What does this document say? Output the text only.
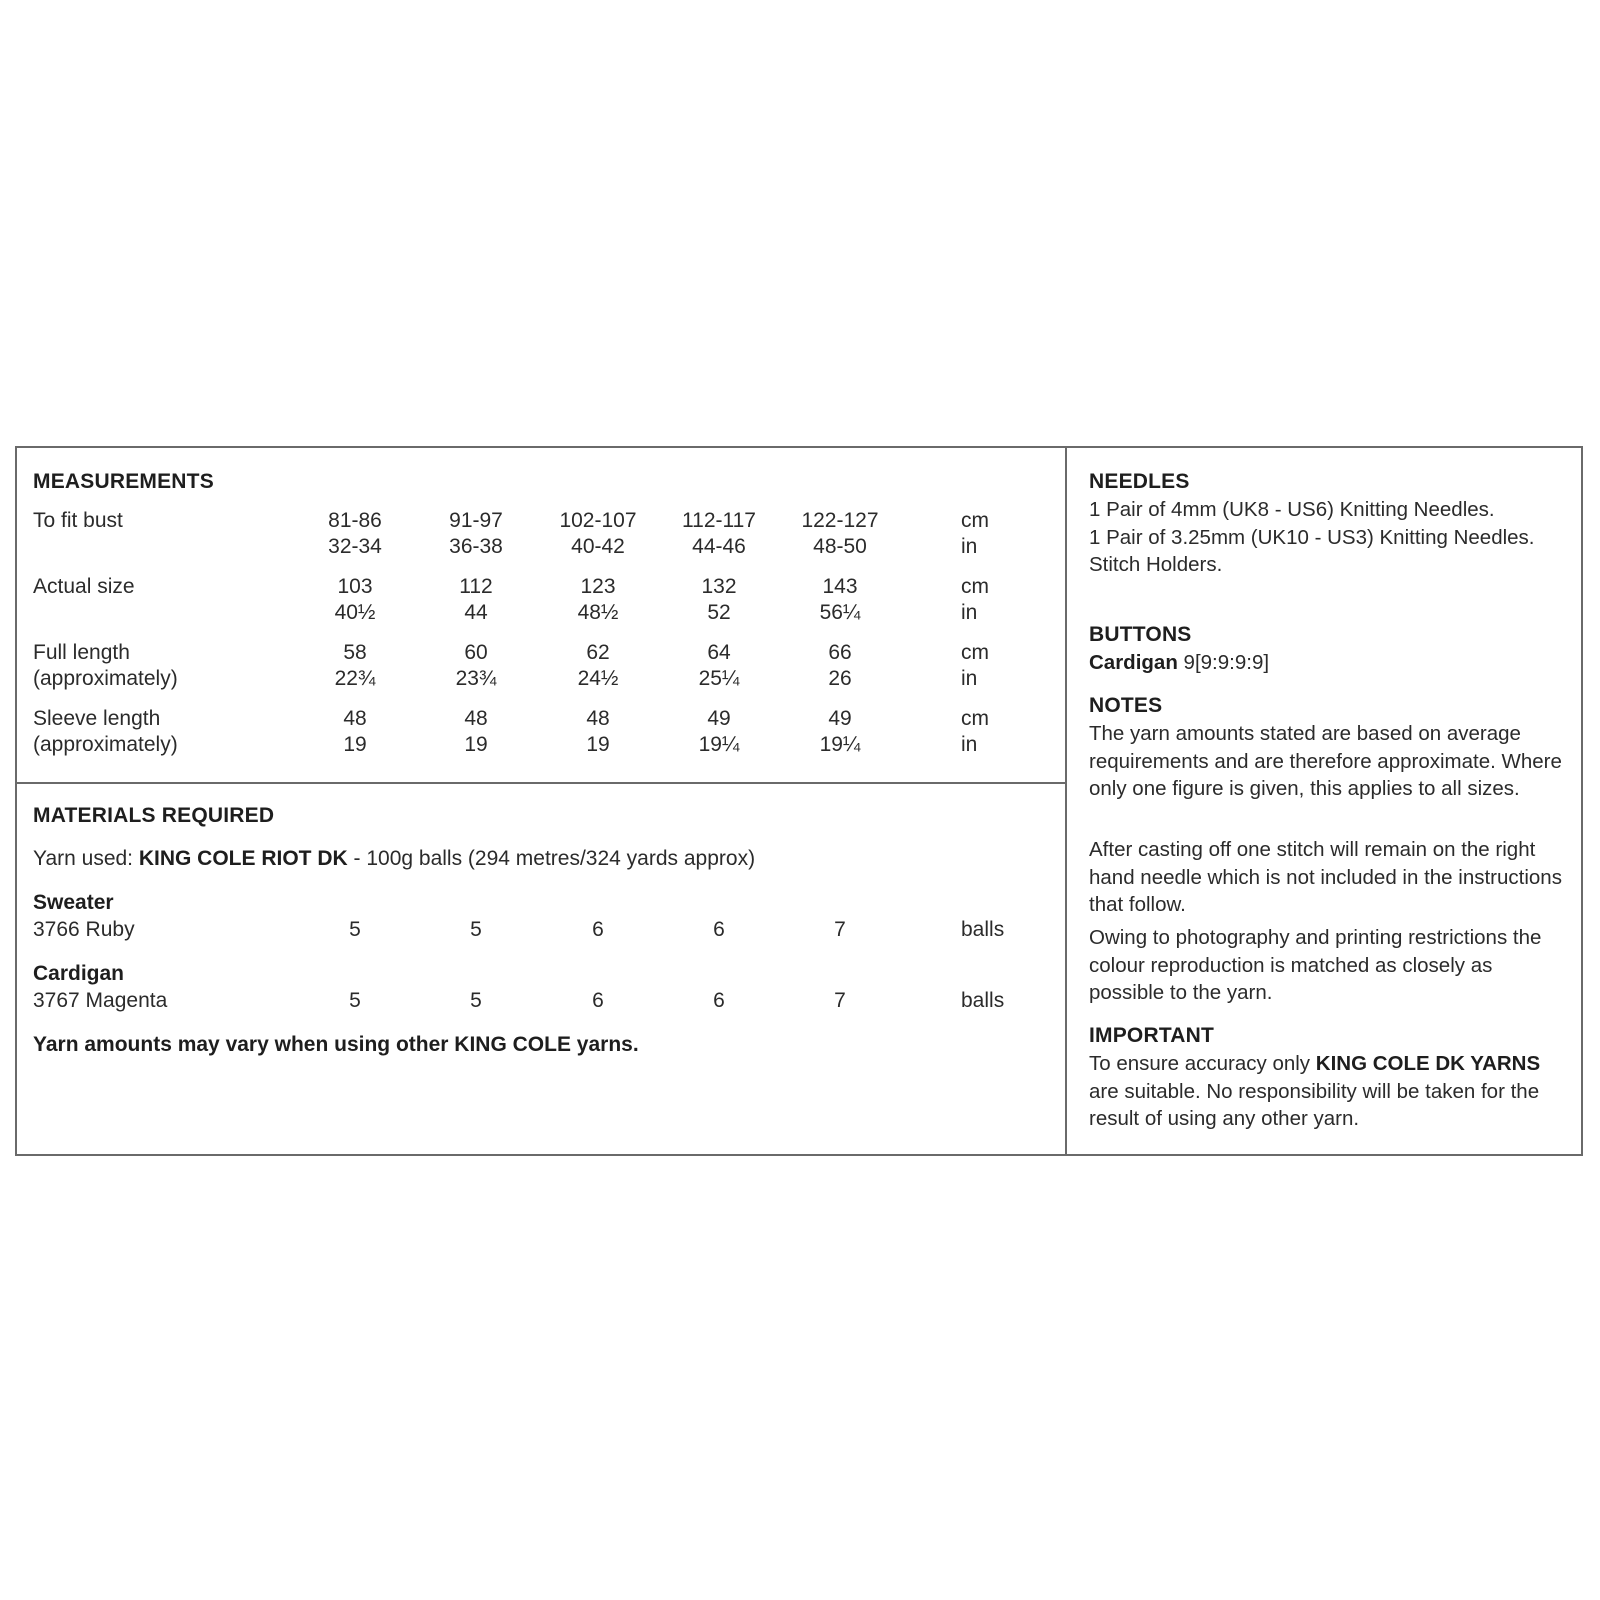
MEASUREMENTS
To fit bust	81-86	91-97	102-107	112-117	122-127	cm
32-34	36-38	40-42	44-46	48-50	in
Actual size	103	112	123	132	143	cm
40½	44	48½	52	56¼	in
Full length
(approximately)
58	60	62	64	66	cm
22¾	23¾	24½	25¼	26	in
Sleeve length
(approximately)
48	48	48	49	49	cm
19	19	19	19¼	19¼	in
MATERIALS REQUIRED
Yarn used: KING COLE RIOT DK - 100g balls (294 metres/324 yards approx)
Sweater
3766 Ruby	5	5	6	6	7	balls
Cardigan
3767 Magenta	5	5	6	6	7	balls
Yarn amounts may vary when using other KING COLE yarns.
NEEDLES
1 Pair of 4mm (UK8 - US6) Knitting Needles.
1 Pair of 3.25mm (UK10 - US3) Knitting Needles.
Stitch Holders.
BUTTONS
Cardigan 9[9:9:9:9]
NOTES
The yarn amounts stated are based on average requirements and are therefore approximate. Where only one figure is given, this applies to all sizes.
After casting off one stitch will remain on the right hand needle which is not included in the instructions that follow.
Owing to photography and printing restrictions the colour reproduction is matched as closely as possible to the yarn.
IMPORTANT
To ensure accuracy only KING COLE DK YARNS are suitable. No responsibility will be taken for the result of using any other yarn.
